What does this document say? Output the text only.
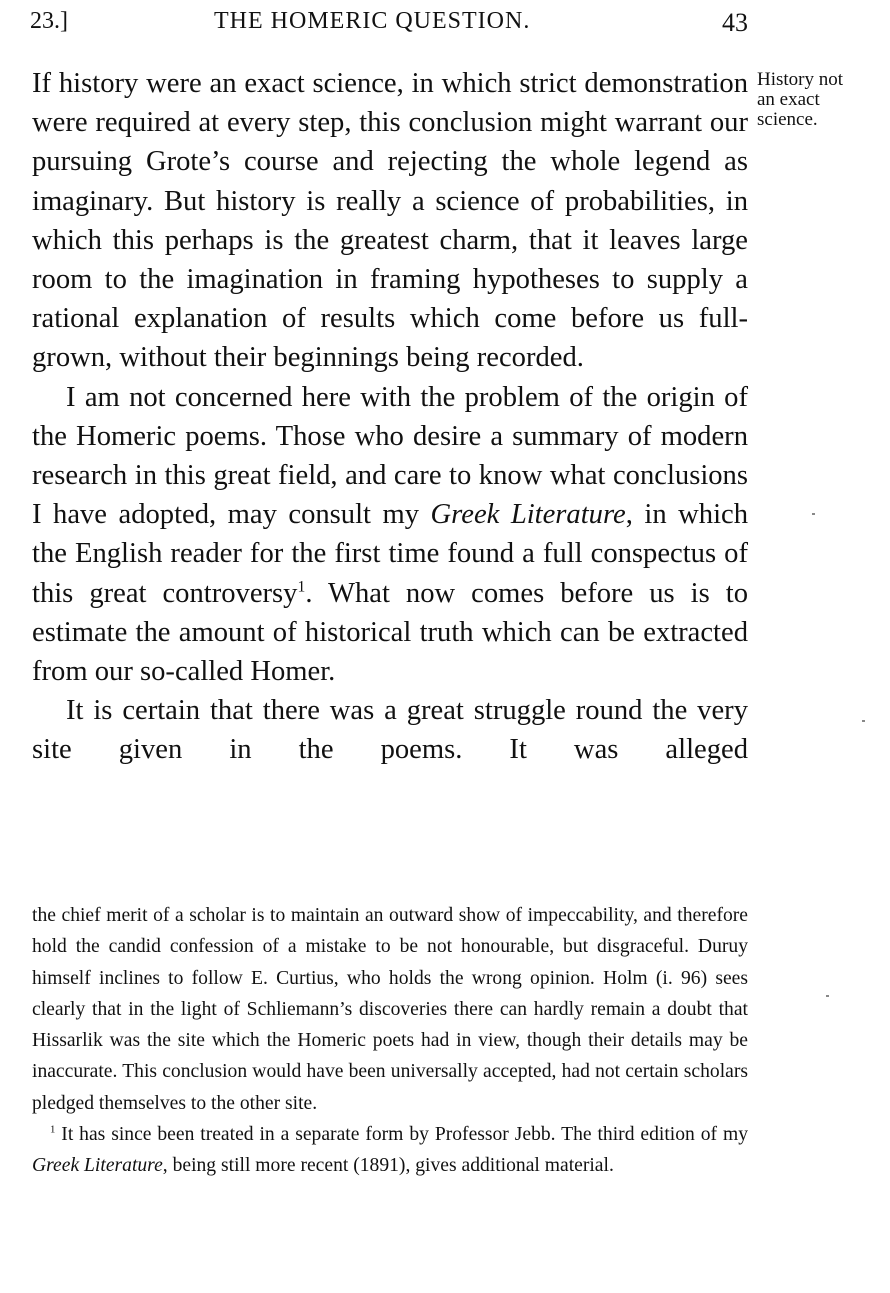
23.]	THE HOMERIC QUESTION.	43
History not
an exact
science.

If history were an exact science, in which strict demonstration were required at every step, this conclusion might warrant our pursuing Grote’s course and rejecting the whole legend as imaginary. But history is really a science of probabilities, in which this perhaps is the greatest charm, that it leaves large room to the imagination in framing hypotheses to supply a rational explanation of results which come before us full-grown, without their beginnings being recorded.

I am not concerned here with the problem of the origin of the Homeric poems. Those who desire a summary of modern research in this great field, and care to know what conclusions I have adopted, may consult my Greek Literature, in which the English reader for the first time found a full conspectus of this great controversy$^1$. What now comes before us is to estimate the amount of historical truth which can be extracted from our so-called Homer.

It is certain that there was a great struggle round the very site given in the poems. It was alleged

the chief merit of a scholar is to maintain an outward show of impeccability, and therefore hold the candid confession of a mistake to be not honourable, but disgraceful. Duruy himself inclines to follow E. Curtius, who holds the wrong opinion. Holm (i. 96) sees clearly that in the light of Schliemann’s discoveries there can hardly remain a doubt that Hissarlik was the site which the Homeric poets had in view, though their details may be inaccurate. This conclusion would have been universally accepted, had not certain scholars pledged themselves to the other site.

$^1$ It has since been treated in a separate form by Professor Jebb. The third edition of my Greek Literature, being still more recent (1891), gives additional material.
